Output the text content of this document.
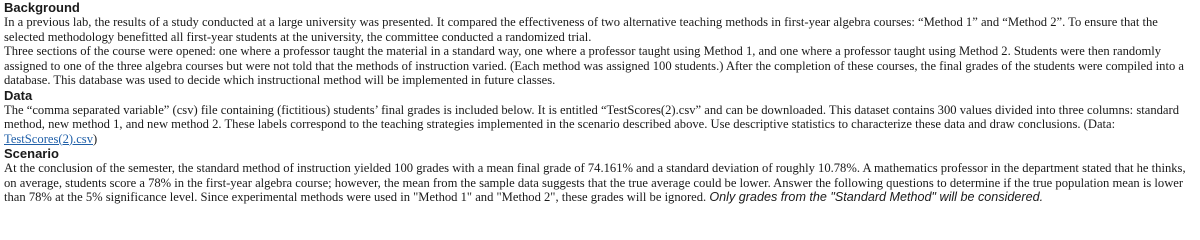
Background

In a previous lab, the results of a study conducted at a large university was presented. It compared the effectiveness of two alternative teaching methods in first-year algebra courses: “Method 1” and “Method 2”. To ensure that the selected methodology benefitted all first-year students at the university, the committee conducted a randomized trial.

Three sections of the course were opened: one where a professor taught the material in a standard way, one where a professor taught using Method 1, and one where a professor taught using Method 2. Students were then randomly assigned to one of the three algebra courses but were not told that the methods of instruction varied. (Each method was assigned 100 students.) After the completion of these courses, the final grades of the students were compiled into a database. This database was used to decide which instructional method will be implemented in future classes.

Data

The “comma separated variable” (csv) file containing (fictitious) students’ final grades is included below. It is entitled “TestScores(2).csv” and can be downloaded. This dataset contains 300 values divided into three columns: standard method, new method 1, and new method 2. These labels correspond to the teaching strategies implemented in the scenario described above. Use descriptive statistics to characterize these data and draw conclusions. (Data: TestScores(2).csv)

Scenario

At the conclusion of the semester, the standard method of instruction yielded 100 grades with a mean final grade of 74.161% and a standard deviation of roughly 10.78%. A mathematics professor in the department stated that he thinks, on average, students score a 78% in the first-year algebra course; however, the mean from the sample data suggests that the true average could be lower. Answer the following questions to determine if the true population mean is lower than 78% at the 5% significance level. Since experimental methods were used in "Method 1" and "Method 2", these grades will be ignored. Only grades from the "Standard Method" will be considered.
